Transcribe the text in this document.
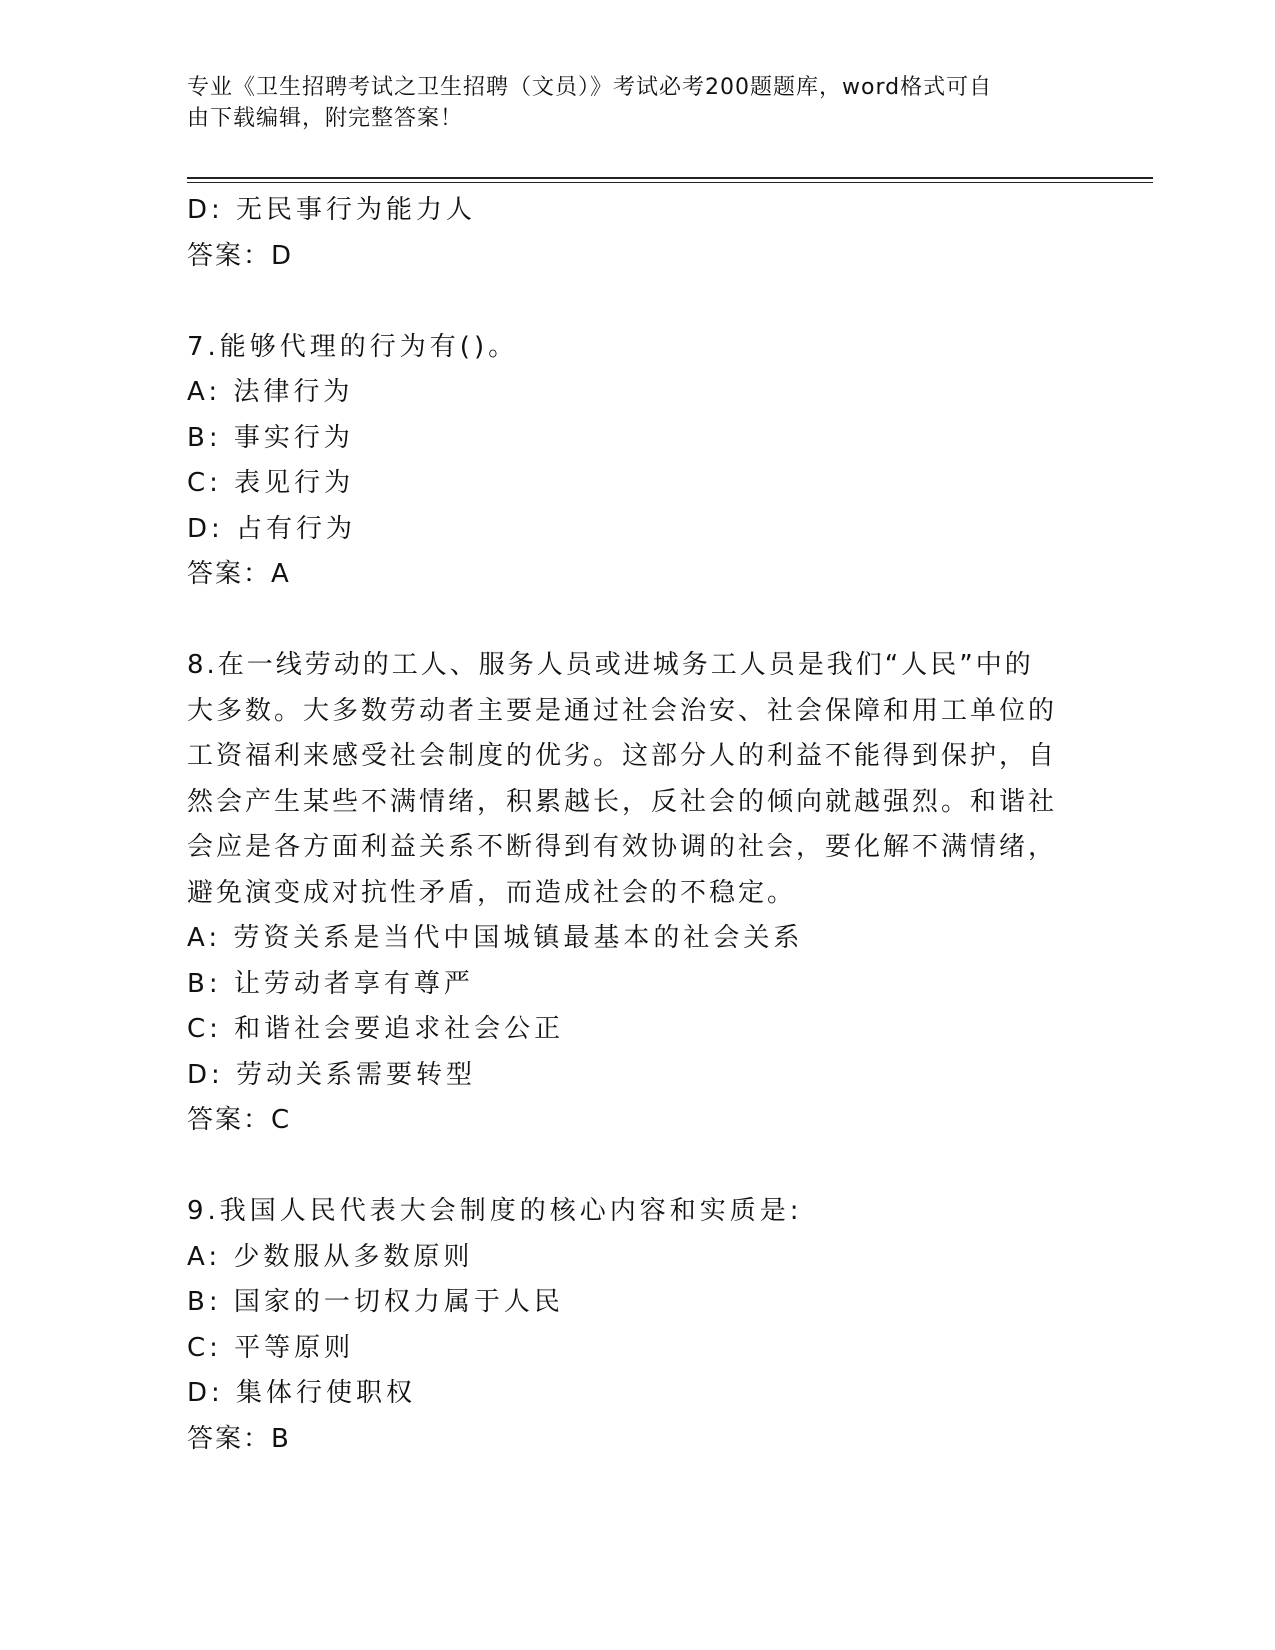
专业《卫生招聘考试之卫生招聘（文员）》考试必考200题题库，word格式可自
由下载编辑，附完整答案！
D: 无民事行为能力人
答案：D
7.能够代理的行为有()。
A: 法律行为
B: 事实行为
C: 表见行为
D: 占有行为
答案：A
8.在一线劳动的工人、服务人员或进城务工人员是我们“人民”中的
大多数。大多数劳动者主要是通过社会治安、社会保障和用工单位的
工资福利来感受社会制度的优劣。这部分人的利益不能得到保护，自
然会产生某些不满情绪，积累越长，反社会的倾向就越强烈。和谐社
会应是各方面利益关系不断得到有效协调的社会，要化解不满情绪，
避免演变成对抗性矛盾，而造成社会的不稳定。
A: 劳资关系是当代中国城镇最基本的社会关系
B: 让劳动者享有尊严
C: 和谐社会要追求社会公正
D: 劳动关系需要转型
答案：C
9.我国人民代表大会制度的核心内容和实质是:
A: 少数服从多数原则
B: 国家的一切权力属于人民
C: 平等原则
D: 集体行使职权
答案：B
